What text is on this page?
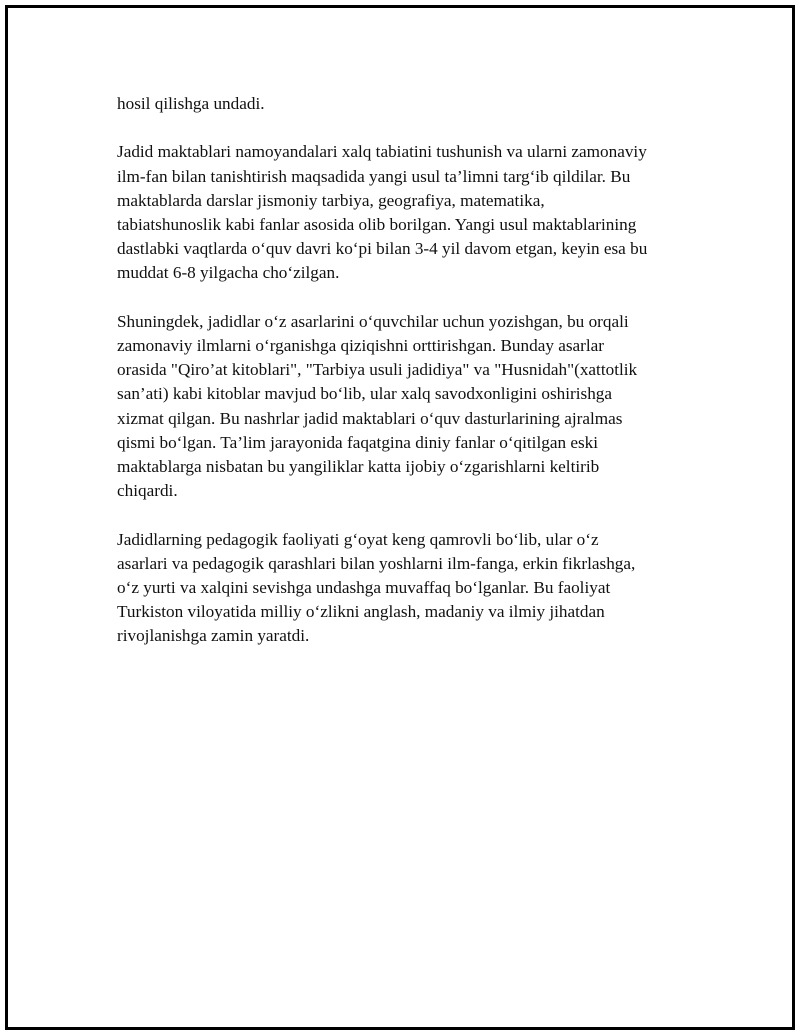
hosil qilishga undadi.

Jadid maktablari namoyandalari xalq tabiatini tushunish va ularni zamonaviy
ilm-fan bilan tanishtirish maqsadida yangi usul ta’limni targ‘ib qildilar. Bu
maktablarda darslar jismoniy tarbiya, geografiya, matematika,
tabiatshunoslik kabi fanlar asosida olib borilgan. Yangi usul maktablarining
dastlabki vaqtlarda o‘quv davri ko‘pi bilan 3-4 yil davom etgan, keyin esa bu
muddat 6-8 yilgacha cho‘zilgan.

Shuningdek, jadidlar o‘z asarlarini o‘quvchilar uchun yozishgan, bu orqali
zamonaviy ilmlarni o‘rganishga qiziqishni orttirishgan. Bunday asarlar
orasida "Qiro’at kitoblari", "Tarbiya usuli jadidiya" va "Husnidah"(xattotlik
san’ati) kabi kitoblar mavjud bo‘lib, ular xalq savodxonligini oshirishga
xizmat qilgan. Bu nashrlar jadid maktablari o‘quv dasturlarining ajralmas
qismi bo‘lgan. Ta’lim jarayonida faqatgina diniy fanlar o‘qitilgan eski
maktablarga nisbatan bu yangiliklar katta ijobiy o‘zgarishlarni keltirib
chiqardi.

Jadidlarning pedagogik faoliyati g‘oyat keng qamrovli bo‘lib, ular o‘z
asarlari va pedagogik qarashlari bilan yoshlarni ilm-fanga, erkin fikrlashga,
o‘z yurti va xalqini sevishga undashga muvaffaq bo‘lganlar. Bu faoliyat
Turkiston viloyatida milliy o‘zlikni anglash, madaniy va ilmiy jihatdan
rivojlanishga zamin yaratdi.
